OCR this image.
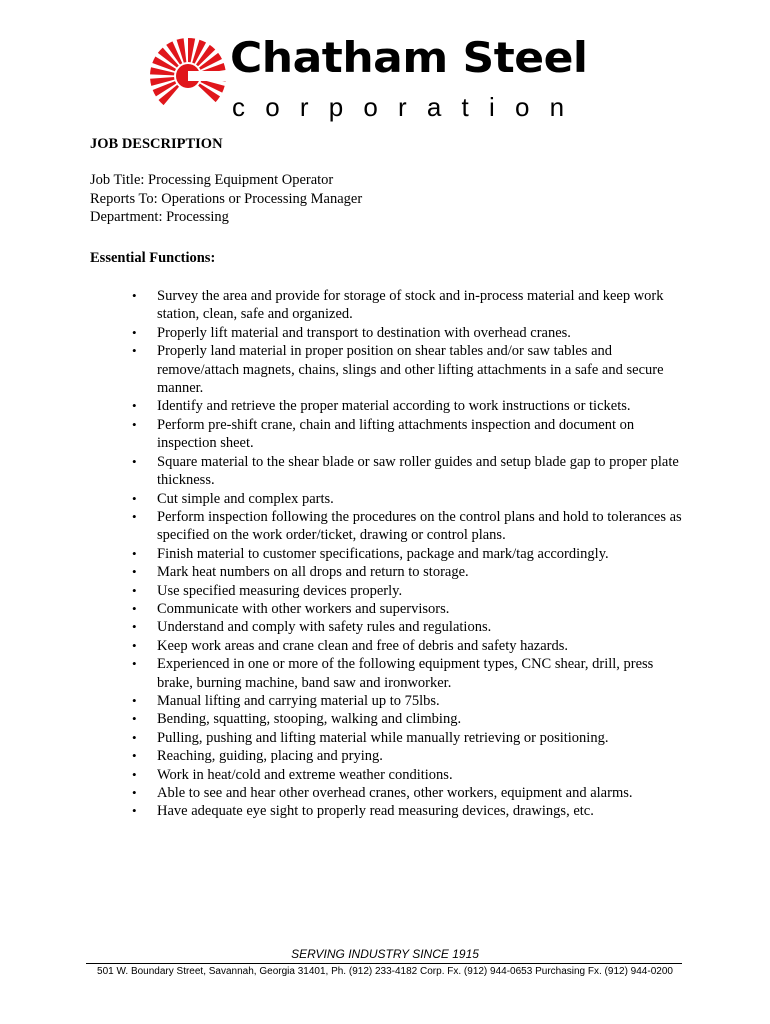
Chatham Steel
corporation
JOB DESCRIPTION
Job Title: Processing Equipment Operator
Reports To: Operations or Processing Manager
Department: Processing
Essential Functions:
• Survey the area and provide for storage of stock and in-process material and keep work station, clean, safe and organized.
• Properly lift material and transport to destination with overhead cranes.
• Properly land material in proper position on shear tables and/or saw tables and remove/attach magnets, chains, slings and other lifting attachments in a safe and secure manner.
• Identify and retrieve the proper material according to work instructions or tickets.
• Perform pre-shift crane, chain and lifting attachments inspection and document on inspection sheet.
• Square material to the shear blade or saw roller guides and setup blade gap to proper plate thickness.
• Cut simple and complex parts.
• Perform inspection following the procedures on the control plans and hold to tolerances as specified on the work order/ticket, drawing or control plans.
• Finish material to customer specifications, package and mark/tag accordingly.
• Mark heat numbers on all drops and return to storage.
• Use specified measuring devices properly.
• Communicate with other workers and supervisors.
• Understand and comply with safety rules and regulations.
• Keep work areas and crane clean and free of debris and safety hazards.
• Experienced in one or more of the following equipment types, CNC shear, drill, press brake, burning machine, band saw and ironworker.
• Manual lifting and carrying material up to 75lbs.
• Bending, squatting, stooping, walking and climbing.
• Pulling, pushing and lifting material while manually retrieving or positioning.
• Reaching, guiding, placing and prying.
• Work in heat/cold and extreme weather conditions.
• Able to see and hear other overhead cranes, other workers, equipment and alarms.
• Have adequate eye sight to properly read measuring devices, drawings, etc.
SERVING INDUSTRY SINCE 1915
501 W. Boundary Street, Savannah, Georgia 31401, Ph. (912) 233-4182 Corp. Fx. (912) 944-0653 Purchasing Fx. (912) 944-0200
